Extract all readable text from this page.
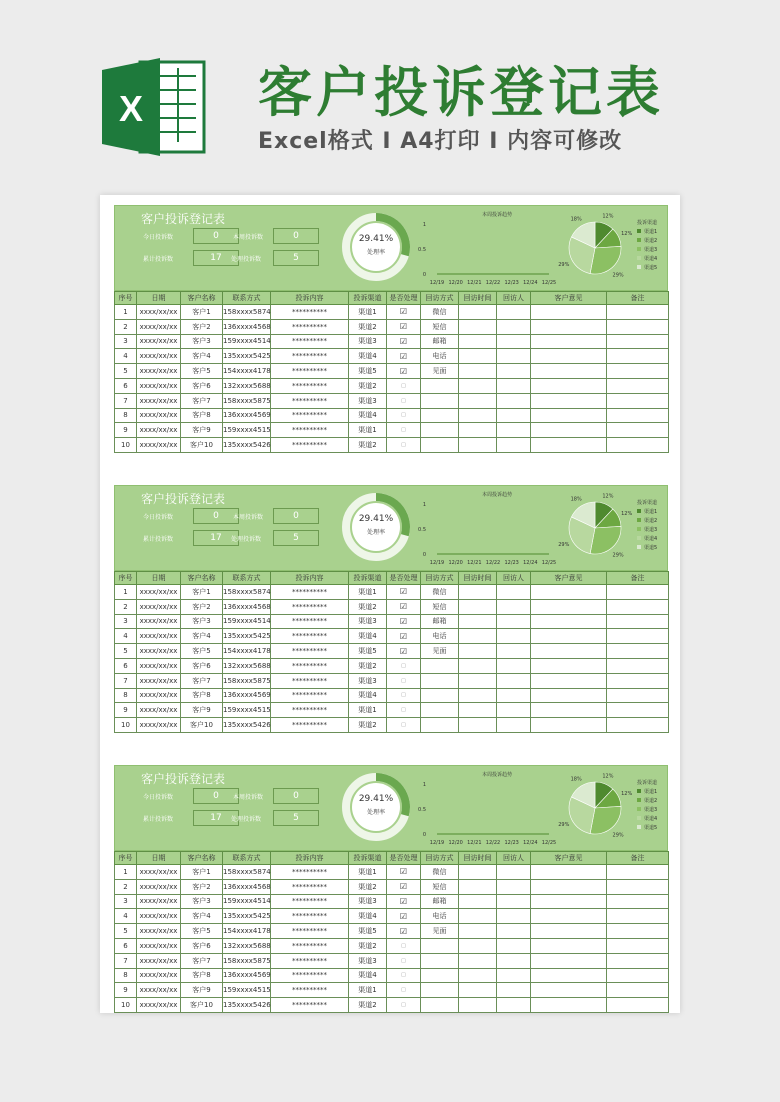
X 客户投诉登记表
Excel格式 I A4打印 I 内容可修改
客户投诉登记表
今日投诉数	0	本周投诉数	0
累计投诉数	17	处理投诉数	5
29.41%
处理率
本周投诉趋势
1
0.5
0
12/19 12/20 12/21 12/22 12/23 12/24 12/25
12%
12%
29%
29%
18%
投诉渠道
渠道1
渠道2
渠道3
渠道4
渠道5
序号	日期	客户名称	联系方式	投诉内容	投诉渠道	是否处理	回访方式	回访时间	回访人	客户意见	备注
1	xxxx/xx/xx	客户1	158xxxx5874	**********	渠道1	☑	微信				
2	xxxx/xx/xx	客户2	136xxxx4568	**********	渠道2	☑	短信				
3	xxxx/xx/xx	客户3	159xxxx4514	**********	渠道3	☑	邮箱				
4	xxxx/xx/xx	客户4	135xxxx5425	**********	渠道4	☑	电话				
5	xxxx/xx/xx	客户5	154xxxx4178	**********	渠道5	☑	见面				
6	xxxx/xx/xx	客户6	132xxxx5688	**********	渠道2	□					
7	xxxx/xx/xx	客户7	158xxxx5875	**********	渠道3	□					
8	xxxx/xx/xx	客户8	136xxxx4569	**********	渠道4	□					
9	xxxx/xx/xx	客户9	159xxxx4515	**********	渠道1	□					
10	xxxx/xx/xx	客户10	135xxxx5426	**********	渠道2	□					
客户投诉登记表
今日投诉数	0	本周投诉数	0
累计投诉数	17	处理投诉数	5
29.41%
处理率
本周投诉趋势
1
0.5
0
12/19 12/20 12/21 12/22 12/23 12/24 12/25
12%
12%
29%
29%
18%
投诉渠道
渠道1
渠道2
渠道3
渠道4
渠道5
序号	日期	客户名称	联系方式	投诉内容	投诉渠道	是否处理	回访方式	回访时间	回访人	客户意见	备注
1	xxxx/xx/xx	客户1	158xxxx5874	**********	渠道1	☑	微信				
2	xxxx/xx/xx	客户2	136xxxx4568	**********	渠道2	☑	短信				
3	xxxx/xx/xx	客户3	159xxxx4514	**********	渠道3	☑	邮箱				
4	xxxx/xx/xx	客户4	135xxxx5425	**********	渠道4	☑	电话				
5	xxxx/xx/xx	客户5	154xxxx4178	**********	渠道5	☑	见面				
6	xxxx/xx/xx	客户6	132xxxx5688	**********	渠道2	□					
7	xxxx/xx/xx	客户7	158xxxx5875	**********	渠道3	□					
8	xxxx/xx/xx	客户8	136xxxx4569	**********	渠道4	□					
9	xxxx/xx/xx	客户9	159xxxx4515	**********	渠道1	□					
10	xxxx/xx/xx	客户10	135xxxx5426	**********	渠道2	□					
客户投诉登记表
今日投诉数	0	本周投诉数	0
累计投诉数	17	处理投诉数	5
29.41%
处理率
本周投诉趋势
1
0.5
0
12/19 12/20 12/21 12/22 12/23 12/24 12/25
12%
12%
29%
29%
18%
投诉渠道
渠道1
渠道2
渠道3
渠道4
渠道5
序号	日期	客户名称	联系方式	投诉内容	投诉渠道	是否处理	回访方式	回访时间	回访人	客户意见	备注
1	xxxx/xx/xx	客户1	158xxxx5874	**********	渠道1	☑	微信				
2	xxxx/xx/xx	客户2	136xxxx4568	**********	渠道2	☑	短信				
3	xxxx/xx/xx	客户3	159xxxx4514	**********	渠道3	☑	邮箱				
4	xxxx/xx/xx	客户4	135xxxx5425	**********	渠道4	☑	电话				
5	xxxx/xx/xx	客户5	154xxxx4178	**********	渠道5	☑	见面				
6	xxxx/xx/xx	客户6	132xxxx5688	**********	渠道2	□					
7	xxxx/xx/xx	客户7	158xxxx5875	**********	渠道3	□					
8	xxxx/xx/xx	客户8	136xxxx4569	**********	渠道4	□					
9	xxxx/xx/xx	客户9	159xxxx4515	**********	渠道1	□					
10	xxxx/xx/xx	客户10	135xxxx5426	**********	渠道2	□					
